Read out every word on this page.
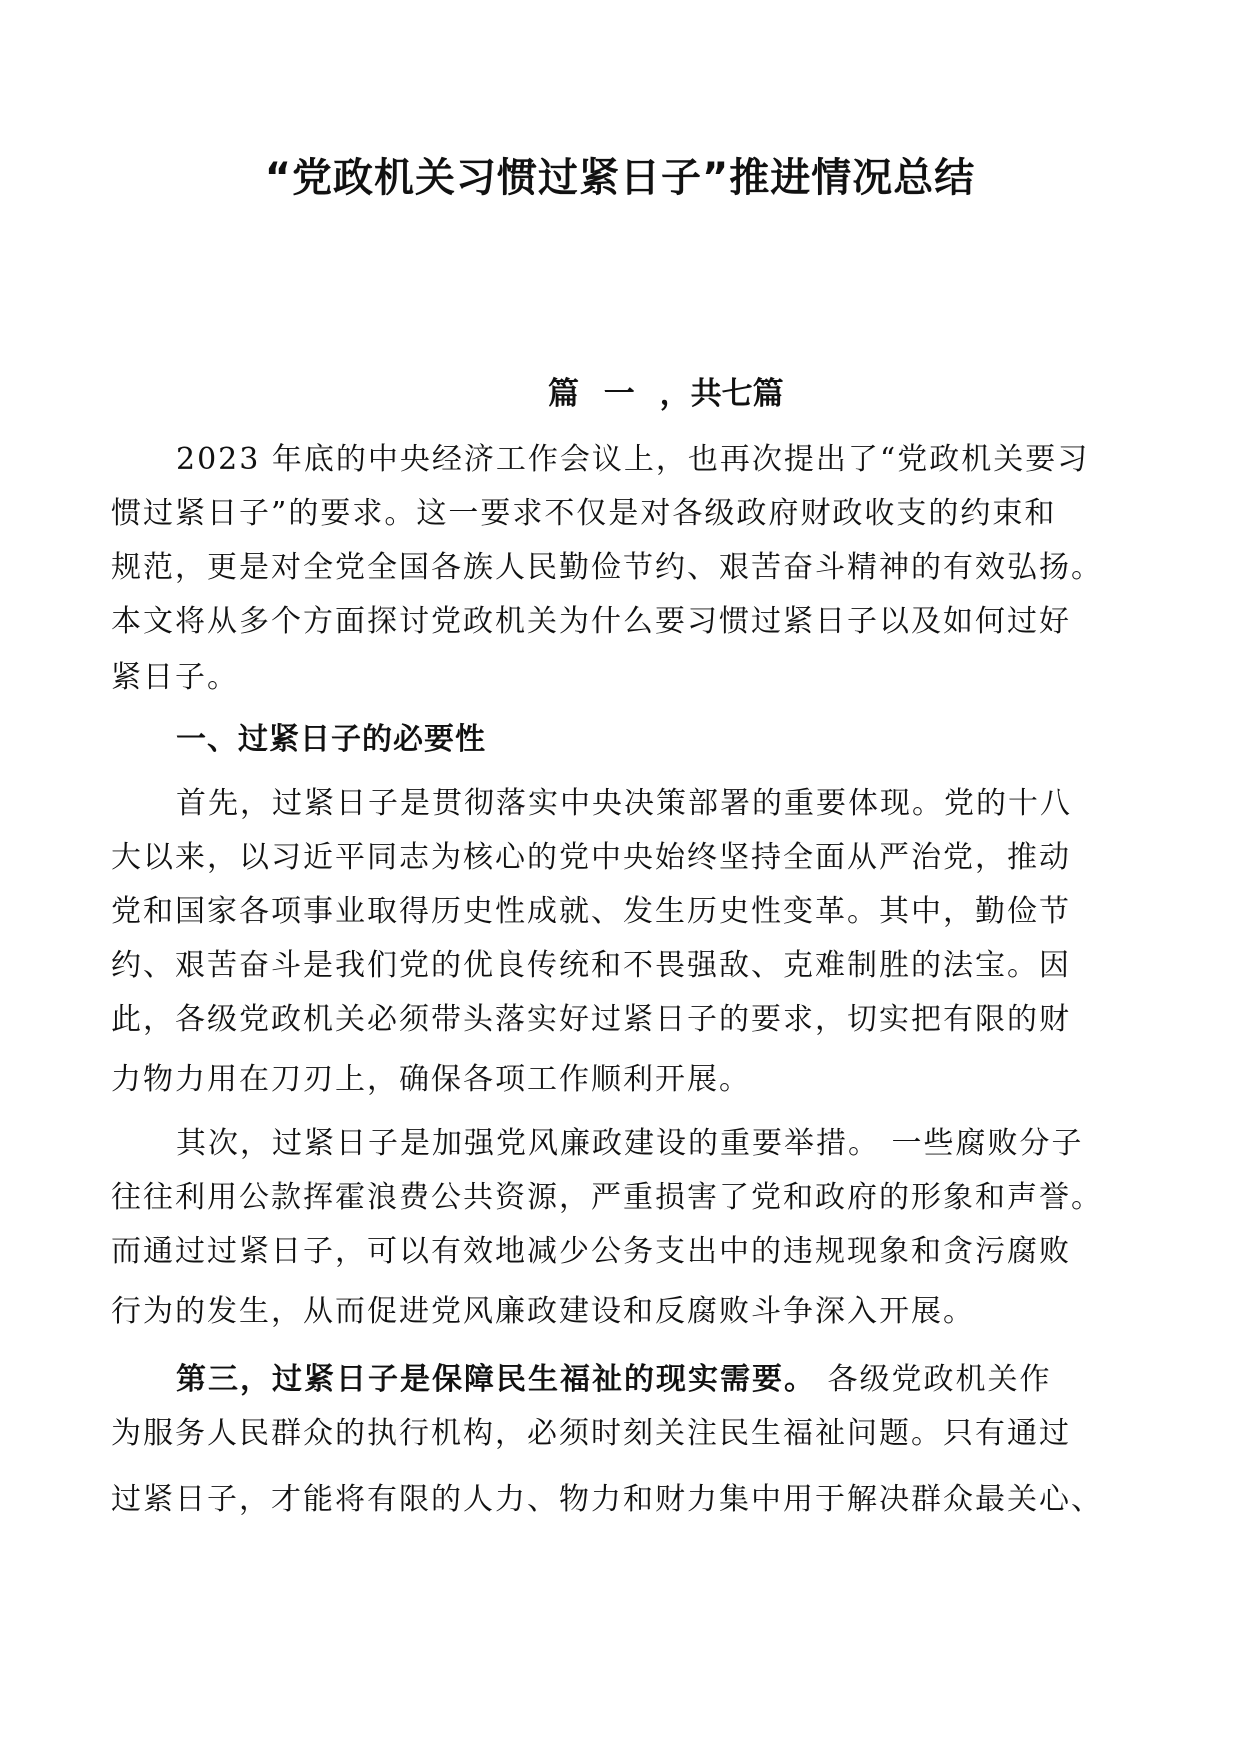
“党政机关习惯过紧日子”推进情况总结
篇 一 ，共七篇

2023 年底的中央经济工作会议上，也再次提出了“党政机关要习

惯过紧日子”的要求。这一要求不仅是对各级政府财政收支的约束和

规范，更是对全党全国各族人民勤俭节约、艰苦奋斗精神的有效弘扬。

本文将从多个方面探讨党政机关为什么要习惯过紧日子以及如何过好

紧日子。

一、过紧日子的必要性

首先，过紧日子是贯彻落实中央决策部署的重要体现。党的十八

大以来，以习近平同志为核心的党中央始终坚持全面从严治党，推动

党和国家各项事业取得历史性成就、发生历史性变革。其中，勤俭节

约、艰苦奋斗是我们党的优良传统和不畏强敌、克难制胜的法宝。因

此，各级党政机关必须带头落实好过紧日子的要求，切实把有限的财

力物力用在刀刃上，确保各项工作顺利开展。

其次，过紧日子是加强党风廉政建设的重要举措。 一些腐败分子

往往利用公款挥霍浪费公共资源，严重损害了党和政府的形象和声誉。

而通过过紧日子，可以有效地减少公务支出中的违规现象和贪污腐败

行为的发生，从而促进党风廉政建设和反腐败斗争深入开展。

第三，过紧日子是保障民生福祉的现实需要。 各级党政机关作

为服务人民群众的执行机构，必须时刻关注民生福祉问题。只有通过

过紧日子，才能将有限的人力、物力和财力集中用于解决群众最关心、
